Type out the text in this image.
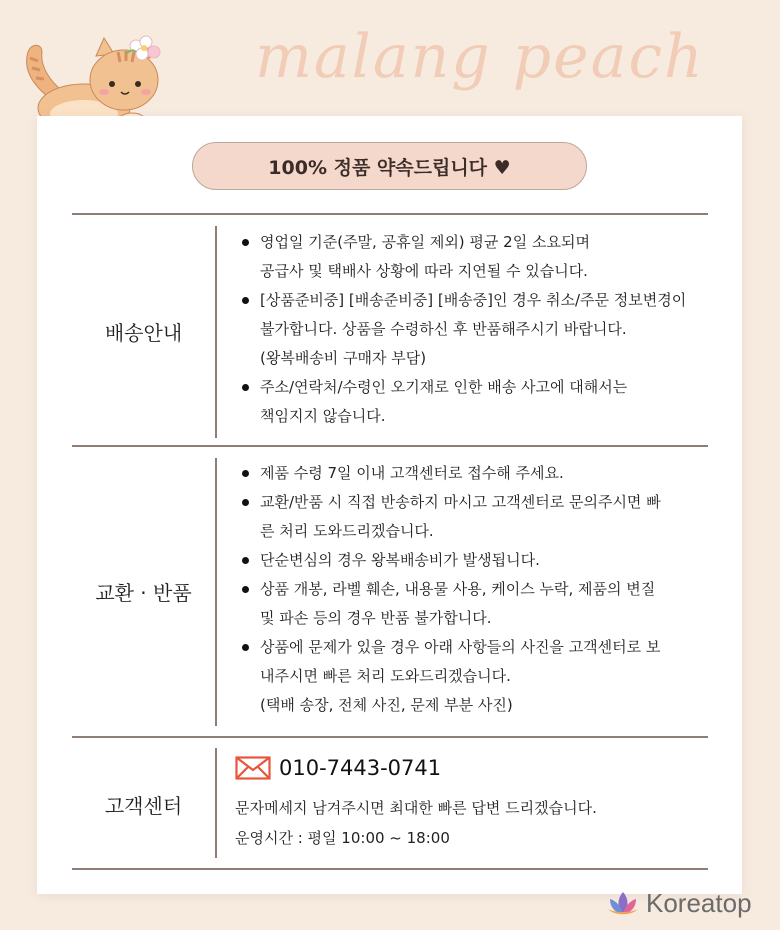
malang peach
100% 정품 약속드립니다 ♥
배송안내
영업일 기준(주말, 공휴일 제외) 평균 2일 소요되며
공급사 및 택배사 상황에 따라 지연될 수 있습니다.
[상품준비중] [배송준비중] [배송중]인 경우 취소/주문 정보변경이
불가합니다. 상품을 수령하신 후 반품해주시기 바랍니다.
(왕복배송비 구매자 부담)
주소/연락처/수령인 오기재로 인한 배송 사고에 대해서는
책임지지 않습니다.
교환 · 반품
제품 수령 7일 이내 고객센터로 접수해 주세요.
교환/반품 시 직접 반송하지 마시고 고객센터로 문의주시면 빠
른 처리 도와드리겠습니다.
단순변심의 경우 왕복배송비가 발생됩니다.
상품 개봉, 라벨 훼손, 내용물 사용, 케이스 누락, 제품의 변질
및 파손 등의 경우 반품 불가합니다.
상품에 문제가 있을 경우 아래 사항들의 사진을 고객센터로 보
내주시면 빠른 처리 도와드리겠습니다.
(택배 송장, 전체 사진, 문제 부분 사진)
고객센터
010-7443-0741
문자메세지 남겨주시면 최대한 빠른 답변 드리겠습니다.
운영시간 : 평일 10:00 ~ 18:00
Koreatop
